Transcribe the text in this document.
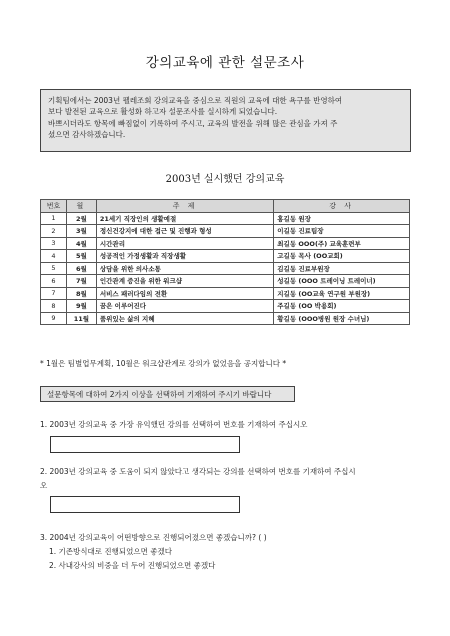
강의교육에 관한 설문조사

기획팀에서는 2003년 펠레조회 강의교육을 중심으로 직원의 교육에 대한 욕구를 반영하여

보다 발전된 교육으로 활성화 하고자 설문조사를 실시하게 되었습니다.

바쁘시더라도 항목에 빠짐없이 기록하여 주시고, 교육의 발전을 위해 많은 관심을 가져 주

셨으면 감사하겠습니다.

2003년 실시했던 강의교육
번호	월	주 제	강 사
1	2월	21세기 직장인의 생활예절	홍길동 원장
2	3월	정신건강지에 대한 접근 및 진행과 형성	이길동 진료팀장
3	4월	시간관리	최길동 OOO(주) 교육훈련부
4	5월	성공적인 가정생활과 직장생활	고길동 목사 (OO교회)
5	6월	상담을 위한 의사소통	김길동 진료부원장
6	7월	인간관계 증진을 위한 워크샵	성길동 (OOO 트레이닝 트레이너)
7	8월	서비스 패러다임의 전환	지길동 (OO교육 연구원 부원장)
8	9월	꿈은 이루어진다	주길동 (OO 박용회)
9	11월	품위있는 삶의 지혜	황길동 (OOO병원 원장 수녀님)
* 1월은 팀별업무계획, 10월은 워크샵관계로 강의가 없었음을 공지합니다 *
설문항목에 대하여 2가지 이상을 선택하여 기재하여 주시기 바랍니다
1. 2003년 강의교육 중 가장 유익했던 강의를 선택하여 번호를 기재하여 주십시오
2. 2003년 강의교육 중 도움이 되지 않았다고 생각되는 강의를 선택하여 번호를 기재하여 주십시
오
3. 2004년 강의교육이 어떤방향으로 진행되어졌으면 좋겠습니까? ( )
1. 기존방식대로 진행되었으면 좋겠다
2. 사내강사의 비중을 더 두어 진행되었으면 좋겠다
